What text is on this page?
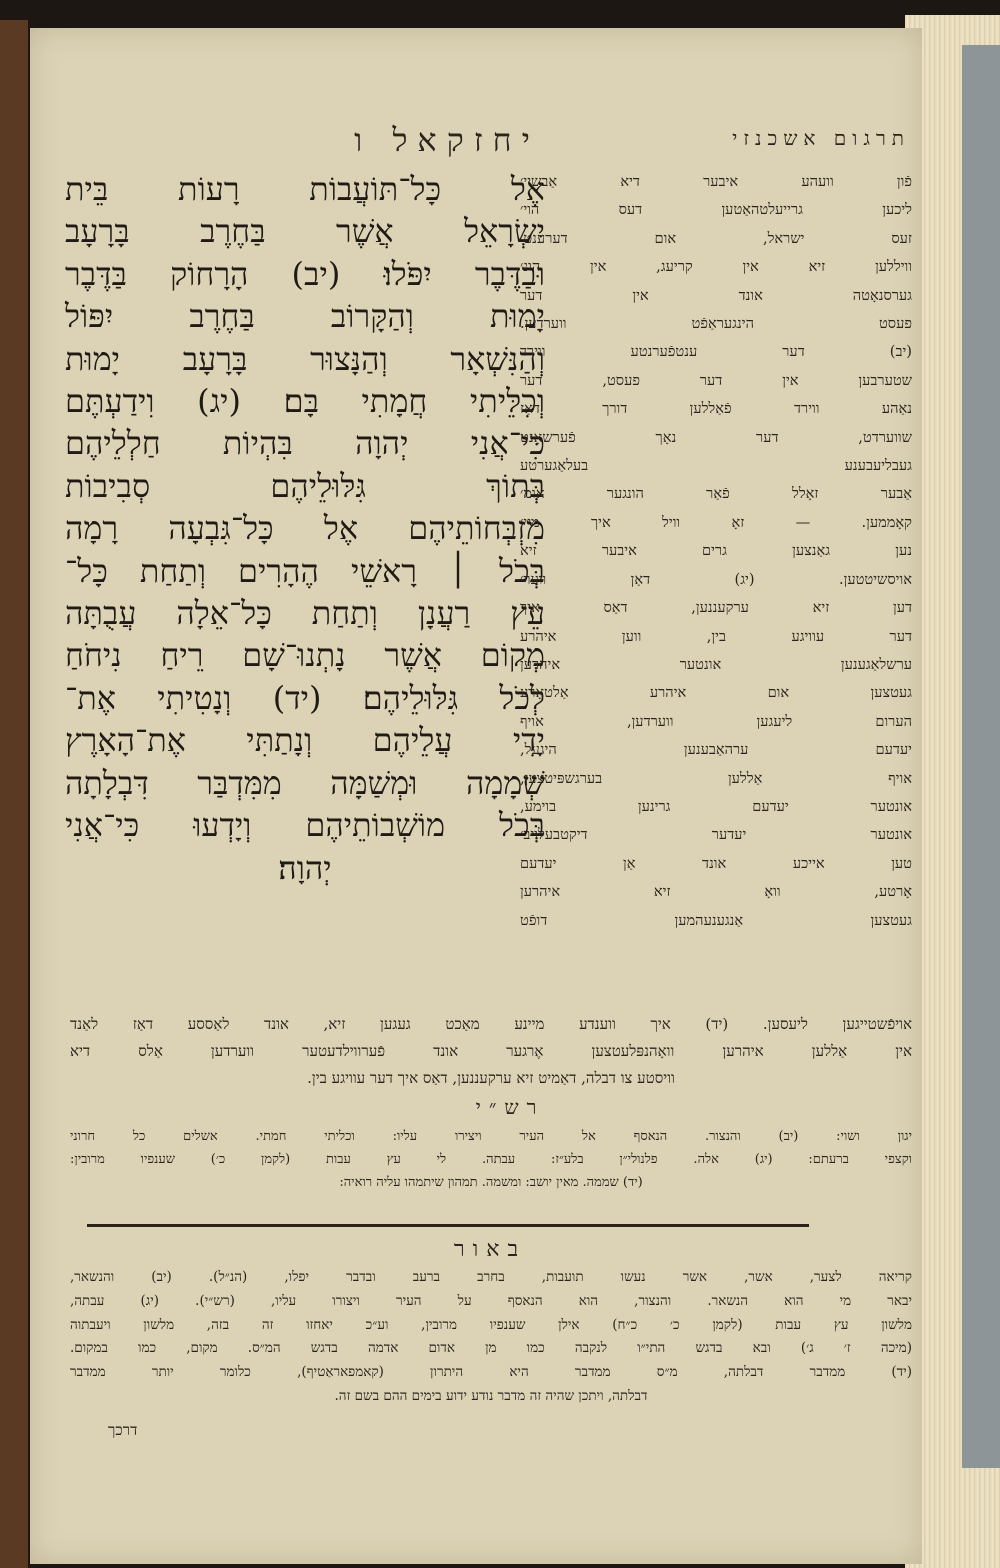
תרגום אשכנזי
יחזקאל ו
אֶל כָּל־תּוֹעֲבוֹת רָעוֹת בֵּית
יִשְׂרָאֵל אֲשֶׁר בַּחֶרֶב בָּרָעָב
וּבַדֶּבֶר יִפֹּלוּ׃ (יב) הָרָחוֹק בַּדֶּבֶר
יָמוּת וְהַקָּרוֹב בַּחֶרֶב יִפּוֹל
וְהַנִּשְׁאָר וְהַנָּצוּר בָּרָעָב יָמוּת
וְכִלֵּיתִי חֲמָתִי בָּם׃ (יג) וִידַעְתֶּם
כִּי־אֲנִי יְהוָה בִּהְיוֹת חַלְלֵיהֶם
בְּתוֹךְ גִּלּוּלֵיהֶם סְבִיבוֹת
מִזְבְּחוֹתֵיהֶם אֶל כָּל־גִּבְעָה רָמָה
בְּכֹל ׀ רָאשֵׁי הֶהָרִים וְתַחַת כָּל־
עֵץ רַעֲנָן וְתַחַת כָּל־אֵלָה עֲבֻתָּה
מְקוֹם אֲשֶׁר נָתְנוּ־שָׁם רֵיחַ נִיחֹחַ
לְכֹל גִּלּוּלֵיהֶם׃ (יד) וְנָטִיתִי אֶת־
יָדִי עֲלֵיהֶם וְנָתַתִּי אֶת־הָאָרֶץ
שְׁמָמָה וּמְשַׁמָּה מִמִּדְבַּר דִּבְלָתָה
בְּכֹל מוֹשְׁבוֹתֵיהֶם וְיָדְעוּ כִּי־אֲנִי
יְהוָה׃
פֿון וועהע איבער דיא אַבשיי׳
ליכען גרייעלטהאַטען דעס הוי׳
זעס ישראל, אום דערענט׳
וויללען זיא אין קריעג, אין הונ׳
גערסנאָטה אונד אין דער
פעסט הינגעראַפֿט ווערדען.
(יב) דער ענטפֿערנטע ווירד
שטערבען אין דער פעסט, דער
נאַהע ווירד פֿאַללען דורך דאַז
שווערדט, דער נאָך פֿערשאָנט
געבליעבענע בעלאַגערטע
אַבער זאָלל פֿאַר הונגער אומ׳
קאָממען. — זאָ וויל איך מיי׳
נען גאַנצען גרים איבער זיא
אויסשיטטען. (יג) דאַן ווער׳
דען זיא ערקעננען, דאַס איך
דער עוויגע בין, ווען איהרע
ערשלאַגענען אונטער איהרען
געטצען אום איהרע אַלטאָרע
הערום ליעגען ווערדען, אויף
יעדעם ערהאַבענען היגעל,
אויף אַללען בערגשפּיטצען,
אונטער יעדעם גרינען בוימע,
אונטער יעדער דיקטבעלויב׳
טען אייכע אונד אַן יעדעם
אָרטע, וואָ זיא איהרען
געטצען אַנגענעהמען דופֿט
אויפֿשטייגען ליעסען. (יד) איך ווענדע מיינע מאַכט געגען זיא, אונד לאַססע דאַז לאַנד
אין אַללען איהרען וואָהנפּלעטצען אֶרגער אונד פֿערווילדעטער ווערדען אַלס דיא
וויסטע צו דבלה, דאַמיט זיא ערקעננען, דאַס איך דער עוויגע בין.
רש״י
יגון ושוי: (יב) והנצור. הנאסף אל העיר ויצירו עליו: וכליתי חמתי. אשלים כל חרוני
וקצפי ברעתם: (יג) אלה. פלנולי״ן בלע״ז: עבתה. לי עץ עבות (לקמן כ׳) שענפיו מרובין:
(יד) שממה. מאין יושב: ומשמה. תמהון שיתמהו עליה רואיה:
באור
קריאה לצער, אשר, אשר נעשו תועבות, בחרב ברעב ובדבר יפלו, (הנ״ל). (יב) והנשאר,
יבאר מי הוא הנשאר. והנצור, הוא הנאסף על העיר ויצורו עליו, (רש״י). (יג) עבתה,
מלשון עץ עבות (לקמן כ׳ כ״ח) אילן שענפיו מרובין, וע״כ יאחזו זה בזה, מלשון ויעבתוה
(מיכה ז׳ ג׳) ובא בדגש התי״ו לנקבה כמו מן אדום אדמה בדגש המ״ס. מקום, כמו במקום.
(יד) ממדבר דבלתה, מ״ס ממדבר היא היתרון (קאמפאראַטיף), כלומר יותר ממדבר
דבלתה, ויתכן שהיה זה מדבר נודע ידוע בימים ההם בשם זה.
דרכך
